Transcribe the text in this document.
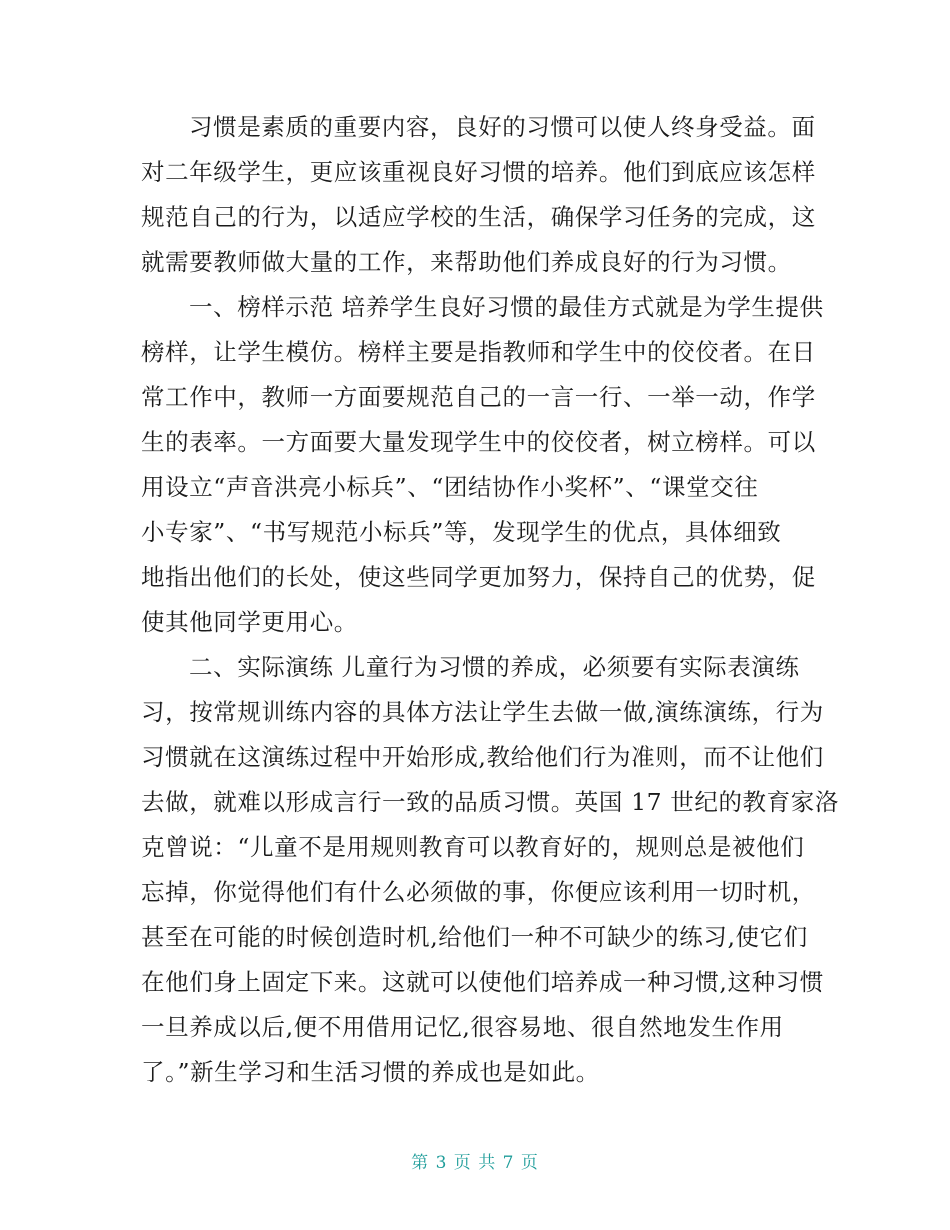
习惯是素质的重要内容，良好的习惯可以使人终身受益。面
对二年级学生，更应该重视良好习惯的培养。他们到底应该怎样
规范自己的行为，以适应学校的生活，确保学习任务的完成，这
就需要教师做大量的工作，来帮助他们养成良好的行为习惯。
一、榜样示范 培养学生良好习惯的最佳方式就是为学生提供
榜样，让学生模仿。榜样主要是指教师和学生中的佼佼者。在日
常工作中，教师一方面要规范自己的一言一行、一举一动，作学
生的表率。一方面要大量发现学生中的佼佼者，树立榜样。可以
用设立“声音洪亮小标兵”、“团结协作小奖杯”、“课堂交往
小专家”、“书写规范小标兵”等，发现学生的优点，具体细致
地指出他们的长处，使这些同学更加努力，保持自己的优势，促
使其他同学更用心。
二、实际演练 儿童行为习惯的养成，必须要有实际表演练
习，按常规训练内容的具体方法让学生去做一做,演练演练，行为
习惯就在这演练过程中开始形成,教给他们行为准则，而不让他们
去做，就难以形成言行一致的品质习惯。英国 17 世纪的教育家洛
克曾说：“儿童不是用规则教育可以教育好的，规则总是被他们
忘掉，你觉得他们有什么必须做的事，你便应该利用一切时机，
甚至在可能的时候创造时机,给他们一种不可缺少的练习,使它们
在他们身上固定下来。这就可以使他们培养成一种习惯,这种习惯
一旦养成以后,便不用借用记忆,很容易地、很自然地发生作用
了。”新生学习和生活习惯的养成也是如此。
第 3 页 共 7 页
